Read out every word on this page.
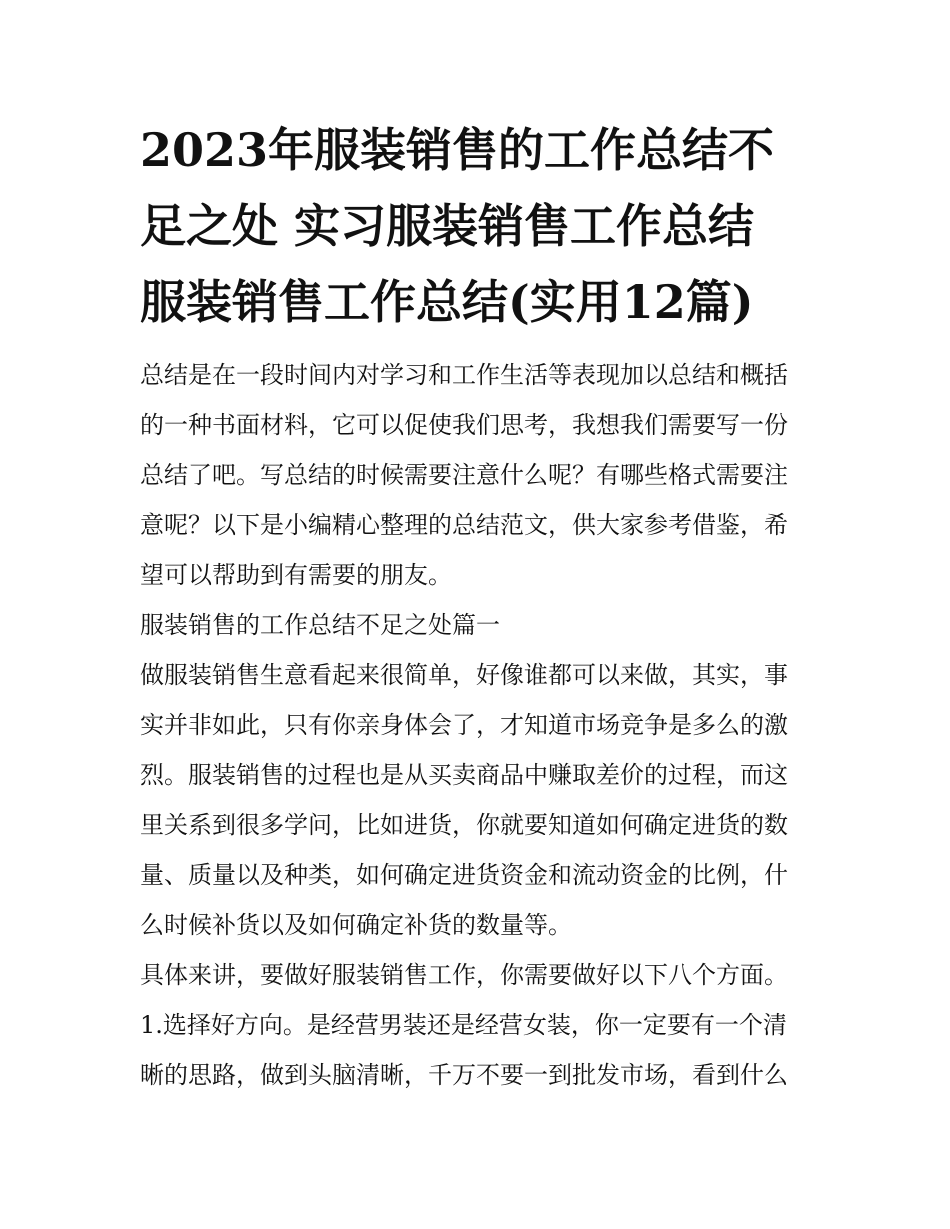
2023年服装销售的工作总结不
足之处 实习服装销售工作总结
服装销售工作总结(实用12篇)

总结是在一段时间内对学习和工作生活等表现加以总结和概括
的一种书面材料，它可以促使我们思考，我想我们需要写一份
总结了吧。写总结的时候需要注意什么呢？有哪些格式需要注
意呢？以下是小编精心整理的总结范文，供大家参考借鉴，希
望可以帮助到有需要的朋友。

服装销售的工作总结不足之处篇一

做服装销售生意看起来很简单，好像谁都可以来做，其实，事
实并非如此，只有你亲身体会了，才知道市场竞争是多么的激
烈。服装销售的过程也是从买卖商品中赚取差价的过程，而这
里关系到很多学问，比如进货，你就要知道如何确定进货的数
量、质量以及种类，如何确定进货资金和流动资金的比例，什
么时候补货以及如何确定补货的数量等。

具体来讲，要做好服装销售工作，你需要做好以下八个方面。

1.选择好方向。是经营男装还是经营女装，你一定要有一个清
晰的思路，做到头脑清晰，千万不要一到批发市场，看到什么
